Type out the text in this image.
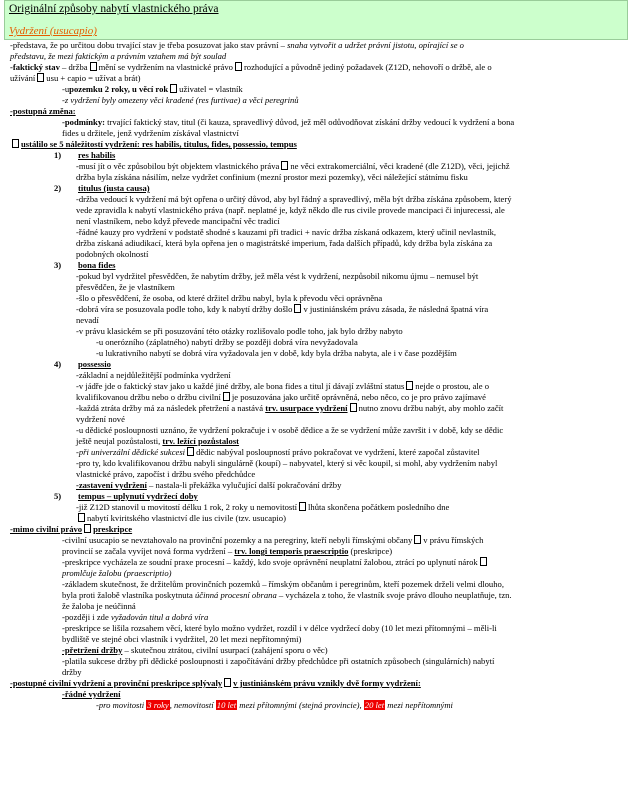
Originální způsoby nabytí vlastnického práva
Vydržení (usucapio)
-představa, že po určitou dobu trvající stav je třeba posuzovat jako stav právní – snaha vytvořit a udržet právní jistotu, opírající se o
představu, že mezi faktickým a právním vztahem má být soulad
-faktický stav – držba mění se vydržením na vlastnické právo rozhodující a původně jediný požadavek (Z12D, nehovoří o držbě, ale o
užívání usu + capio = užívat a brát)
-upozemku 2 roky, u věcí rok uživatel = vlastník
-z vydržení byly omezeny věci kradené (res furtivae) a věci peregrinů
-postupná změna:
-podmínky: trvající faktický stav, titul (či kauza, spravedlivý důvod, jež měl odůvodňovat získání držby vedoucí k vydržení a bona
fides u držitele, jenž vydržením získával vlastnictví
ustálilo se 5 náležitostí vydržení: res habilis, titulus, fides, possessio, tempus
1) res habilis
-musí jít o věc způsobilou být objektem vlastnického práva ne věci extrakomerciální, věci kradené (dle Z12D), věci, jejichž
držba byla získána násilím, nelze vydržet confinium (mezní prostor mezi pozemky), věci náležející státnímu fisku
2) titulus (iusta causa)
-držba vedoucí k vydržení má být opřena o určitý důvod, aby byl řádný a spravedlivý, měla být držba získána způsobem, který
vede zpravidla k nabytí vlastnického práva (např. neplatné je, když někdo dle rus civile provede mancipaci či injurecessi, ale
není vlastníkem, nebo když převede mancipační věc tradicí
-řádné kauzy pro vydržení v podstatě shodné s kauzami při tradici + navíc držba získaná odkazem, který učinil nevlastník,
držba získaná adiudikací, která byla opřena jen o magistrátské imperium, řada dalších případů, kdy držba byla získána za
podobných okolností
3) bona fides
-pokud byl vydržitel přesvědčen, že nabytím držby, jež měla vést k vydržení, nezpůsobil nikomu újmu – nemusel být
přesvědčen, že je vlastníkem
-šlo o přesvědčení, že osoba, od které držitel držbu nabyl, byla k převodu věci oprávněna
-dobrá víra se posuzovala podle toho, kdy k nabytí držby došlo v justiniánském právu zásada, že následná špatná víra
nevadí
-v právu klasickém se při posuzování této otázky rozlišovalo podle toho, jak bylo držby nabyto
-u onerózního (záplatného) nabytí držby se později dobrá víra nevyžadovala
-u lukrativního nabytí se dobrá víra vyžadovala jen v době, kdy byla držba nabyta, ale i v čase pozdějším
4) possessio
-základní a nejdůležitější podmínka vydržení
-v jádře jde o faktický stav jako u každé jiné držby, ale bona fides a titul jí dávají zvláštní status nejde o prostou, ale o
kvalifikovanou držbu nebo o držbu civilní je posuzována jako určitě oprávněná, nebo něco, co je pro právo zajímavé
-každá ztráta držby má za následek přetržení a nastává trv. usurpace vydržení nutno znovu držbu nabýt, aby mohlo začít
vydržení nové
-u dědické posloupnosti uznáno, že vydržení pokračuje i v osobě dědice a že se vydržení může završit i v době, kdy se dědic
ještě neujal pozůstalosti, trv. ležící pozůstalost
-při univerzální dědické sukcesi dědic nabýval posloupností právo pokračovat ve vydržení, které započal zůstavitel
-pro ty, kdo kvalifikovanou držbu nabyli singulárně (koupí) – nabyvatel, který si věc koupil, si mohl, aby vydržením nabyl
vlastnické právo, započíst i držbu svého předchůdce
-zastavení vydržení – nastala-li překážka vylučující další pokračování držby
5) tempus – uplynutí vydržecí doby
-již Z12D stanovil u movitostí délku 1 rok, 2 roky u nemovitostí lhůta skončena počátkem posledního dne
nabytí kviritského vlastnictví dle ius civile (tzv. usucapio)
-mimo civilní právo preskripce
-civilní usucapio se nevztahovalo na provinční pozemky a na peregriny, kteří nebyli římskými občany v právu římských
provincií se začala vyvíjet nová forma vydržení – trv. longi temporis praescriptio (preskripce)
-preskripce vycházela ze soudní praxe procesní – každý, kdo svoje oprávnění neuplatní žalobou, ztrácí po uplynutí nárok
promlčuje žalobu (praescriptio)
-základem skutečnost, že držitelům provinčních pozemků – římským občanům i peregrinům, kteří pozemek drželi velmi dlouho,
byla proti žalobě vlastníka poskytnuta účinná procesní obrana – vycházela z toho, že vlastník svoje právo dlouho neuplatňuje, tzn.
že žaloba je neúčinná
-později i zde vyžadován titul a dobrá víra
-preskripce se lišila rozsahem věcí, které bylo možno vydržet, rozdíl i v délce vydržecí doby (10 let mezi přítomnými – měli-li
bydliště ve stejné obci vlastník i vydržitel, 20 let mezi nepřítomnými)
-přetržení držby – skutečnou ztrátou, civilní usurpací (zahájení sporu o věc)
-platila sukcese držby při dědické posloupnosti i započítávání držby předchůdce při ostatních způsobech (singulárních) nabytí
držby
-postupné civilní vydržení a provinční preskripce splývaly v justiniánském právu vznikly dvě formy vydržení:
-řádné vydržení
-pro movitosti 3 roky, nemovitostí 10 let mezi přítomnými (stejná provincie), 20 let mezi nepřítomnými
